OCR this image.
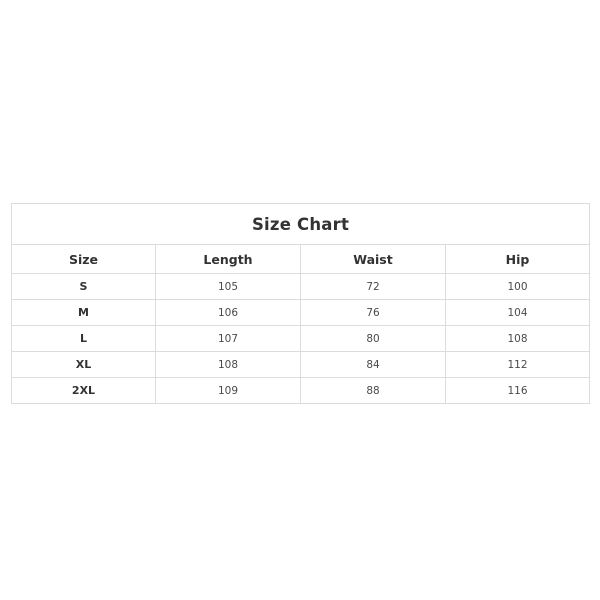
Size Chart			
Size	Length	Waist	Hip
S	105	72	100
M	106	76	104
L	107	80	108
XL	108	84	112
2XL	109	88	116
